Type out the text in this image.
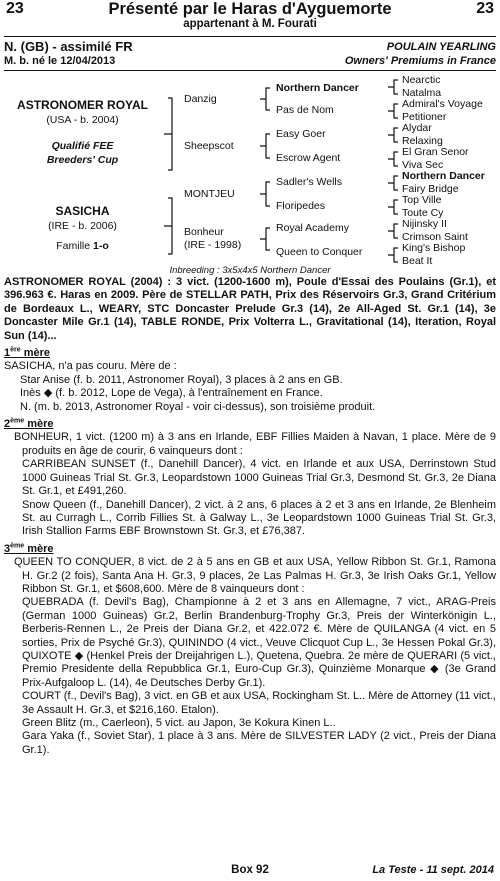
23	Présenté par le Haras d'Ayguemorte	23
appartenant à M. Fourati
N. (GB) - assimilé FR	POULAIN YEARLING
M. b. né le 12/04/2013	Owners' Premiums in France
ASTRONOMER ROYAL
(USA - b. 2004)
Qualifié FEE
Breeders' Cup
SASICHA
(IRE - b. 2006)
Famille 1-o
Danzig
Sheepscot
MONTJEU
Bonheur
(IRE - 1998)
Northern Dancer
Pas de Nom
Easy Goer
Escrow Agent
Sadler's Wells
Floripedes
Royal Academy
Queen to Conquer
Nearctic
Natalma
Admiral's Voyage
Petitioner
Alydar
Relaxing
El Gran Senor
Viva Sec
Northern Dancer
Fairy Bridge
Top Ville
Toute Cy
Nijinsky II
Crimson Saint
King's Bishop
Beat It
Inbreeding : 3x5x4x5 Northern Dancer

ASTRONOMER ROYAL (2004) : 3 vict. (1200-1600 m), Poule d'Essai des Poulains (Gr.1), et 396.963 €. Haras en 2009. Père de STELLAR PATH, Prix des Réservoirs Gr.3, Grand Critérium de Bordeaux L., WEARY, STC Doncaster Prelude Gr.3 (14), 2e All-Aged St. Gr.1 (14), 3e Doncaster Mile Gr.1 (14), TABLE RONDE, Prix Volterra L., Gravitational (14), Iteration, Royal Sun (14)...

1ère mère

SASICHA, n'a pas couru. Mère de :

Star Anise (f. b. 2011, Astronomer Royal), 3 places à 2 ans en GB.

Inès ◆ (f. b. 2012, Lope de Vega), à l'entraînement en France.

N. (m. b. 2013, Astronomer Royal - voir ci-dessus), son troisième produit.

2ème mère

BONHEUR, 1 vict. (1200 m) à 3 ans en Irlande, EBF Fillies Maiden à Navan, 1 place. Mère de 9 produits en âge de courir, 6 vainqueurs dont :

CARRIBEAN SUNSET (f., Danehill Dancer), 4 vict. en Irlande et aux USA, Derrinstown Stud 1000 Guineas Trial St. Gr.3, Leopardstown 1000 Guineas Trial Gr.3, Desmond St. Gr.3, 2e Diana St. Gr.1, et £491,260.

Snow Queen (f., Danehill Dancer), 2 vict. à 2 ans, 6 places à 2 et 3 ans en Irlande, 2e Blenheim St. au Curragh L., Corrib Fillies St. à Galway L., 3e Leopardstown 1000 Guineas Trial St. Gr.3, Irish Stallion Farms EBF Brownstown St. Gr.3, et £76,387.

3ème mère

QUEEN TO CONQUER, 8 vict. de 2 à 5 ans en GB et aux USA, Yellow Ribbon St. Gr.1, Ramona H. Gr.2 (2 fois), Santa Ana H. Gr.3, 9 places, 2e Las Palmas H. Gr.3, 3e Irish Oaks Gr.1, Yellow Ribbon St. Gr.1, et $608,600. Mère de 8 vainqueurs dont :

QUEBRADA (f. Devil's Bag), Championne à 2 et 3 ans en Allemagne, 7 vict., ARAG-Preis (German 1000 Guineas) Gr.2, Berlin Brandenburg-Trophy Gr.3, Preis der Winterkönigin L., Berberis-Rennen L., 2e Preis der Diana Gr.2, et 422.072 €. Mère de QUILANGA (4 vict. en 5 sorties, Prix de Psyché Gr.3), QUININDO (4 vict., Veuve Clicquot Cup L., 3e Hessen Pokal Gr.3), QUIXOTE ◆ (Henkel Preis der Dreijahrigen L.), Quetena, Quebra. 2e mère de QUERARI (5 vict., Premio Presidente della Repubblica Gr.1, Euro-Cup Gr.3), Quinzième Monarque ◆ (3e Grand Prix-Aufgaloop L. (14), 4e Deutsches Derby Gr.1).

COURT (f., Devil's Bag), 3 vict. en GB et aux USA, Rockingham St. L.. Mère de Attorney (11 vict., 3e Assault H. Gr.3, et $216,160. Etalon).

Green Blitz (m., Caerleon), 5 vict. au Japon, 3e Kokura Kinen L..

Gara Yaka (f., Soviet Star), 1 place à 3 ans. Mère de SILVESTER LADY (2 vict., Preis der Diana Gr.1).

Box 92	La Teste - 11 sept. 2014
